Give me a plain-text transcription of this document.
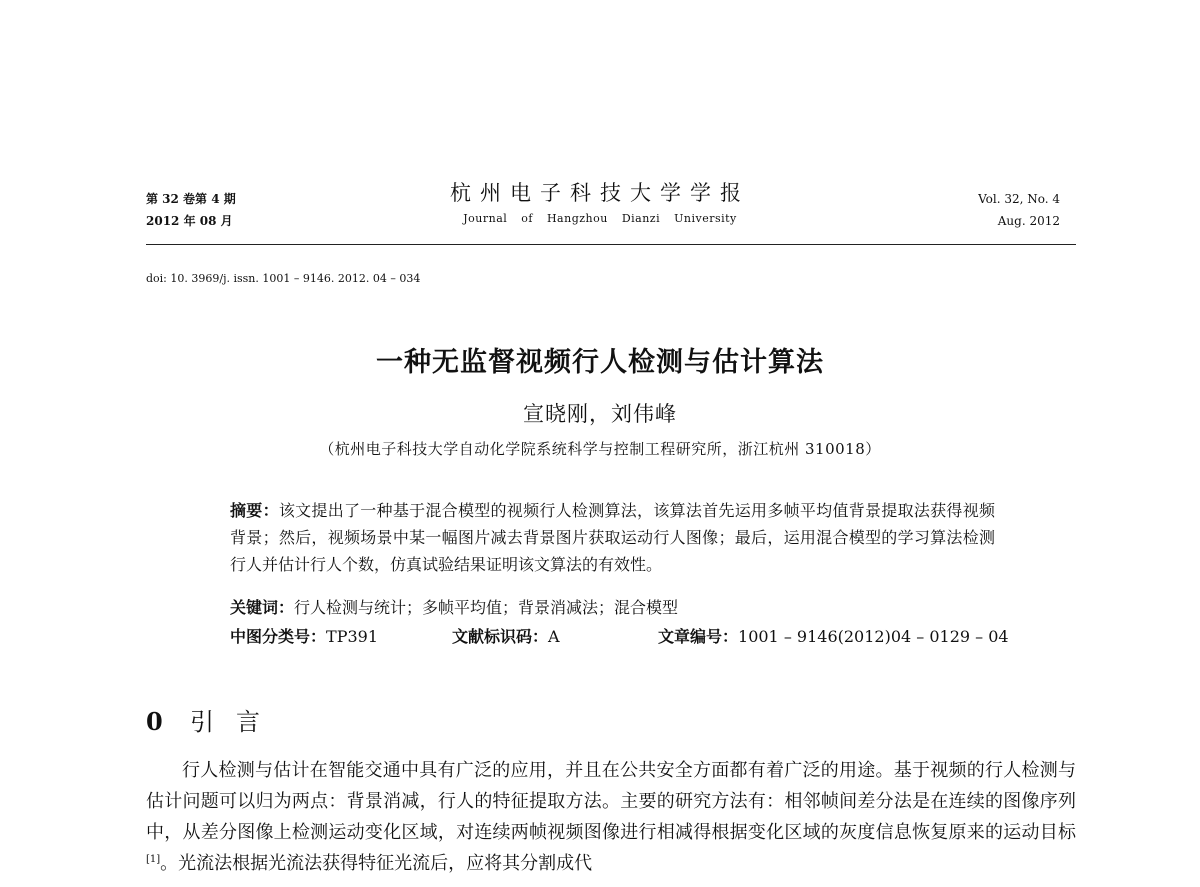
第 32 卷第 4 期
2012 年 08 月
杭州电子科技大学学报
Journal of Hangzhou Dianzi University
Vol. 32, No. 4
Aug. 2012
doi: 10. 3969/j. issn. 1001 – 9146. 2012. 04 – 034
一种无监督视频行人检测与估计算法
宣晓刚，刘伟峰
（杭州电子科技大学自动化学院系统科学与控制工程研究所，浙江杭州 310018）
摘要：该文提出了一种基于混合模型的视频行人检测算法，该算法首先运用多帧平均值背景提取法获得视频背景；然后，视频场景中某一幅图片减去背景图片获取运动行人图像；最后，运用混合模型的学习算法检测行人并估计行人个数，仿真试验结果证明该文算法的有效性。
关键词：行人检测与统计；多帧平均值；背景消减法；混合模型
中图分类号：TP391	文献标识码：A	文章编号：1001 – 9146(2012)04 – 0129 – 04
0 引言
行人检测与估计在智能交通中具有广泛的应用，并且在公共安全方面都有着广泛的用途。基于视频的行人检测与估计问题可以归为两点：背景消减，行人的特征提取方法。主要的研究方法有：相邻帧间差分法是在连续的图像序列中，从差分图像上检测运动变化区域，对连续两帧视频图像进行相减得根据变化区域的灰度信息恢复原来的运动目标[1]。光流法根据光流法获得特征光流后，应将其分割成代
